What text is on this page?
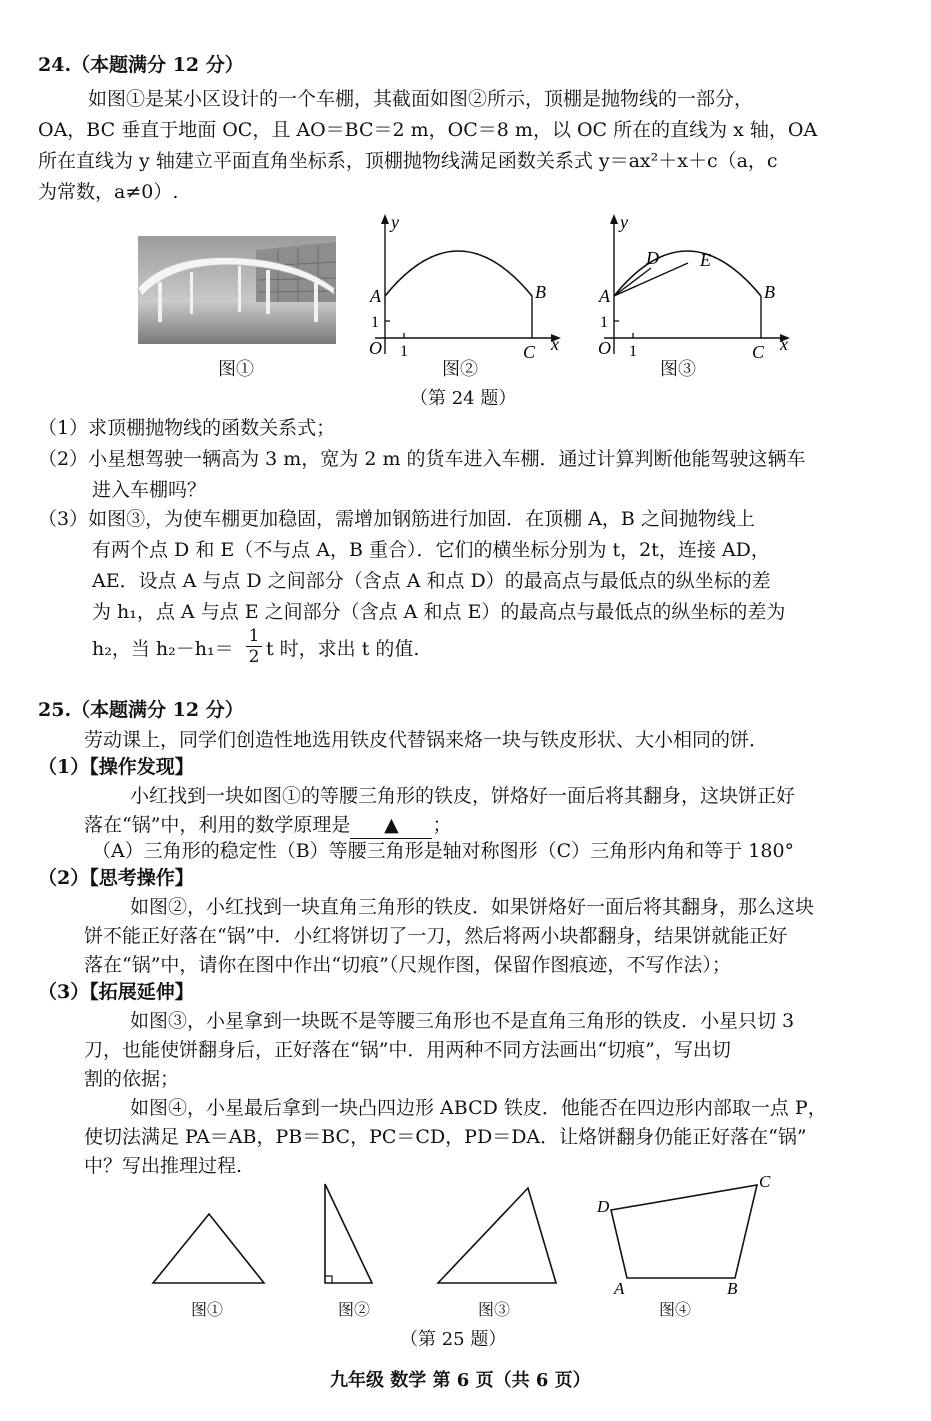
24.（本题满分 12 分）
如图①是某小区设计的一个车棚，其截面如图②所示，顶棚是抛物线的一部分，
OA，BC 垂直于地面 OC，且 AO＝BC＝2 m，OC＝8 m，以 OC 所在的直线为 x 轴，OA
所在直线为 y 轴建立平面直角坐标系，顶棚抛物线满足函数关系式 y＝ax²＋x＋c（a，c
为常数，a≠0）.
y
x
O 1
1
A	B
C
y
x
O 1
1
A	B
C
D E
图①	图②	图③
（第 24 题）
（1）求顶棚抛物线的函数关系式；
（2）小星想驾驶一辆高为 3 m，宽为 2 m 的货车进入车棚．通过计算判断他能驾驶这辆车
进入车棚吗？
（3）如图③，为使车棚更加稳固，需增加钢筋进行加固．在顶棚 A，B 之间抛物线上
有两个点 D 和 E（不与点 A，B 重合）．它们的横坐标分别为 t，2t，连接 AD，
AE．设点 A 与点 D 之间部分（含点 A 和点 D）的最高点与最低点的纵坐标的差
为 h₁，点 A 与点 E 之间部分（含点 A 和点 E）的最高点与最低点的纵坐标的差为
h₂，当 $h_2-h_1= \frac{1}{2}$ t 时，求出 t 的值.
25.（本题满分 12 分）
劳动课上，同学们创造性地选用铁皮代替锅来烙一块与铁皮形状、大小相同的饼．
（1）【操作发现】
小红找到一块如图①的等腰三角形的铁皮，饼烙好一面后将其翻身，这块饼正好
落在“锅”中，利用的数学原理是 ▲ ；
（A）三角形的稳定性（B）等腰三角形是轴对称图形（C）三角形内角和等于 180°
（2）【思考操作】
如图②，小红找到一块直角三角形的铁皮．如果饼烙好一面后将其翻身，那么这块
饼不能正好落在“锅”中．小红将饼切了一刀，然后将两小块都翻身，结果饼就能正好
落在“锅”中，请你在图中作出“切痕”（尺规作图，保留作图痕迹，不写作法）；
（3）【拓展延伸】
如图③，小星拿到一块既不是等腰三角形也不是直角三角形的铁皮．小星只切 3
刀，也能使饼翻身后，正好落在“锅”中．用两种不同方法画出“切痕”，写出切
割的依据；
如图④，小星最后拿到一块凸四边形 ABCD 铁皮．他能否在四边形内部取一点 P，
使切法满足 PA＝AB，PB＝BC，PC＝CD，PD＝DA．让烙饼翻身仍能正好落在“锅”
中？写出推理过程.
A	B
C
D
图①	图②	图③	图④
（第 25 题）
九年级 数学 第 6 页（共 6 页）
